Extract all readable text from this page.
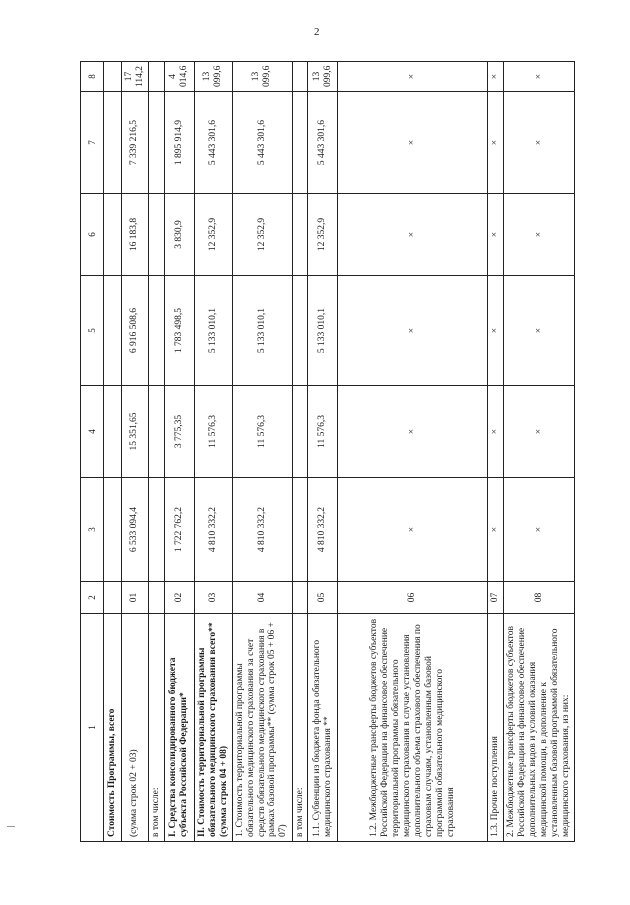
2
1	2	3	4	5	6	7	8
Стоимость Программы, всего							
(сумма строк 02 + 03)	01	6 533 094,4	15 351,65	6 916 508,6	16 183,8	7 339 216,5	17 114,2
в том числе:							
I. Средства консолидированного бюджета субъекта Российской Федерации*	02	1 722 762,2	3 775,35	1 783 498,5	3 830,9	1 895 914,9	4 014,6
II. Стоимость территориальной программы обязательного медицинского страхования всего** (сумма строк 04 + 08)	03	4 810 332,2	11 576,3	5 133 010,1	12 352,9	5 443 301,6	13 099,6
1. Стоимость территориальной программы обязательного медицинского страхования за счет средств обязательного медицинского страхования в рамках базовой программы** (сумма строк 05 + 06 + 07)	04	4 810 332,2	11 576,3	5 133 010,1	12 352,9	5 443 301,6	13 099,6
в том числе:							
1.1. Субвенции из бюджета фонда обязательного медицинского страхования **	05	4 810 332,2	11 576,3	5 133 010,1	12 352,9	5 443 301,6	13 099,6
1.2. Межбюджетные трансферты бюджетов субъектов Российской Федерации на финансовое обеспечение территориальной программы обязательного медицинского страхования в случае установления дополнительного объема страхового обеспечения по страховым случаям, установленным базовой программой обязательного медицинского страхования	06	×	×	×	×	×	×
1.3. Прочие поступления	07	×	×	×	×	×	×
2. Межбюджетные трансферты бюджетов субъектов Российской Федерации на финансовое обеспечение дополнительных видов и условий оказания медицинской помощи, в дополнение к установленным базовой программой обязательного медицинского страхования, из них:	08	×	×	×	×	×	×
